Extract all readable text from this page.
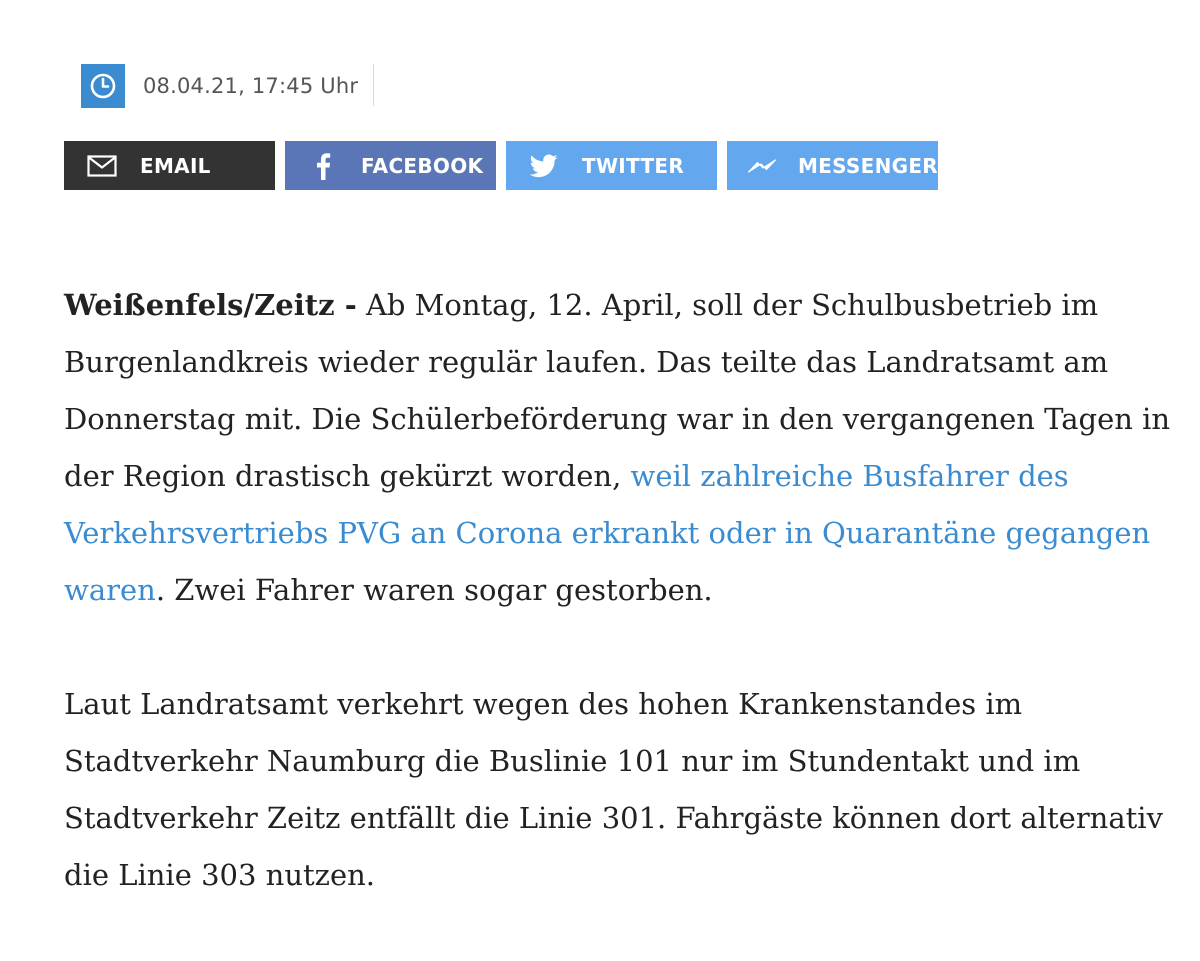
08.04.21, 17:45 Uhr
EMAIL	FACEBOOK	TWITTER	MESSENGER

Weißenfels/Zeitz - Ab Montag, 12. April, soll der Schulbusbetrieb im Burgenlandkreis wieder regulär laufen. Das teilte das Landratsamt am Donnerstag mit. Die Schülerbeförderung war in den vergangenen Tagen in der Region drastisch gekürzt worden, weil zahlreiche Busfahrer des Verkehrsvertriebs PVG an Corona erkrankt oder in Quarantäne gegangen waren. Zwei Fahrer waren sogar gestorben.

Laut Landratsamt verkehrt wegen des hohen Krankenstandes im Stadtverkehr Naumburg die Buslinie 101 nur im Stundentakt und im Stadtverkehr Zeitz entfällt die Linie 301. Fahrgäste können dort alternativ die Linie 303 nutzen.
